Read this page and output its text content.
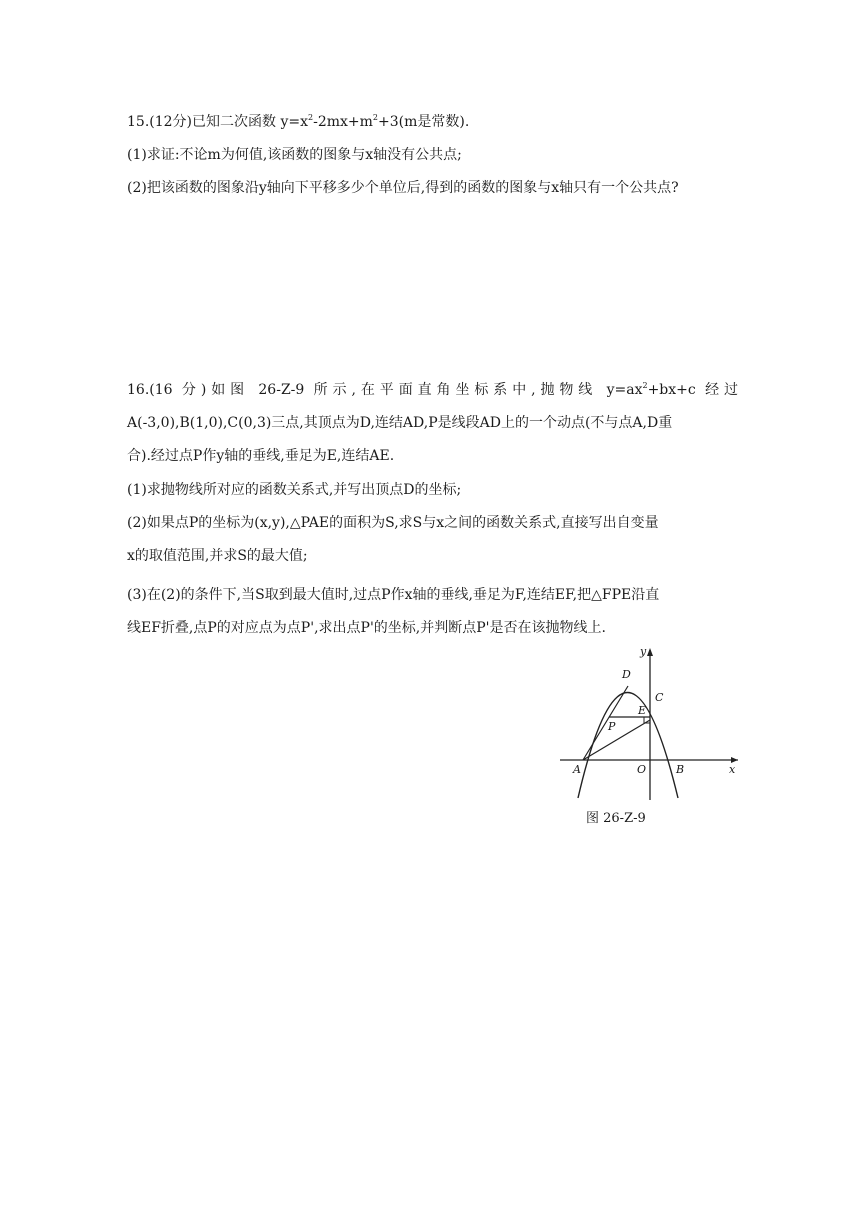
15.(12分)已知二次函数 $y=x^2-2mx+m^2+3(m$是常数).
(1)求证:不论m为何值,该函数的图象与x轴没有公共点;
(2)把该函数的图象沿y轴向下平移多少个单位后,得到的函数的图象与x轴只有一个公共点?
16.(16 分)如图 26-Z-9 所示,在平面直角坐标系中,抛物线 $y=ax^2+bx+c$ 经过
A(-3,0),B(1,0),C(0,3)三点,其顶点为D,连结AD,P是线段AD上的一个动点(不与点A,D重
合).经过点P作y轴的垂线,垂足为E,连结AE.
(1)求抛物线所对应的函数关系式,并写出顶点D的坐标;
(2)如果点P的坐标为(x,y),△PAE的面积为S,求S与x之间的函数关系式,直接写出自变量
x的取值范围,并求S的最大值;
(3)在(2)的条件下,当S取到最大值时,过点P作x轴的垂线,垂足为F,连结EF,把△FPE沿直
线EF折叠,点P的对应点为点P',求出点P'的坐标,并判断点P'是否在该抛物线上.
y
x
D
C
E
P
A	O	B
图 26-Z-9
